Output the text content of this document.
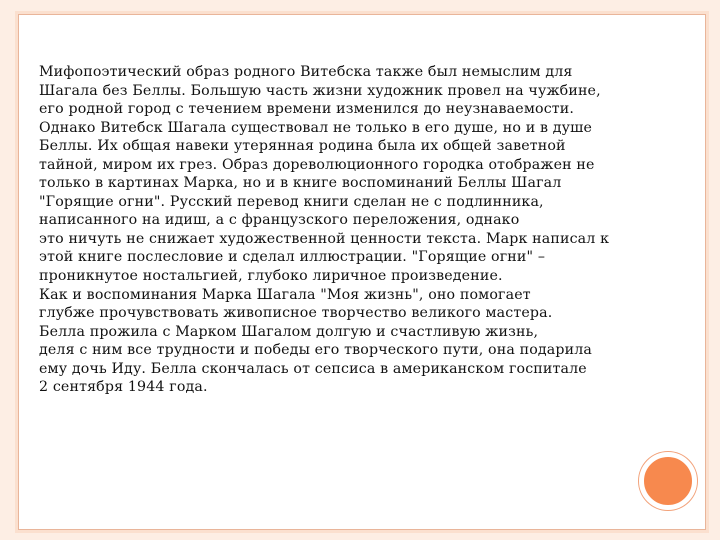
Мифопоэтический образ родного Витебска также был немыслим для
Шагала без Беллы. Большую часть жизни художник провел на чужбине,
его родной город с течением времени изменился до неузнаваемости.
Однако Витебск Шагала существовал не только в его душе, но и в душе
Беллы. Их общая навеки утерянная родина была их общей заветной
тайной, миром их грез. Образ дореволюционного городка отображен не
только в картинах Марка, но и в книге воспоминаний Беллы Шагал
"Горящие огни". Русский перевод книги сделан не с подлинника,
написанного на идиш, а с французского переложения, однако
это ничуть не снижает художественной ценности текста. Марк написал к
этой книге послесловие и сделал иллюстрации. "Горящие огни" –
проникнутое ностальгией, глубоко лиричное произведение.
Как и воспоминания Марка Шагала "Моя жизнь", оно помогает
глубже прочувствовать живописное творчество великого мастера.
Белла прожила с Марком Шагалом долгую и счастливую жизнь,
деля с ним все трудности и победы его творческого пути, она подарила
ему дочь Иду. Белла скончалась от сепсиса в американском госпитале
2 сентября 1944 года.
